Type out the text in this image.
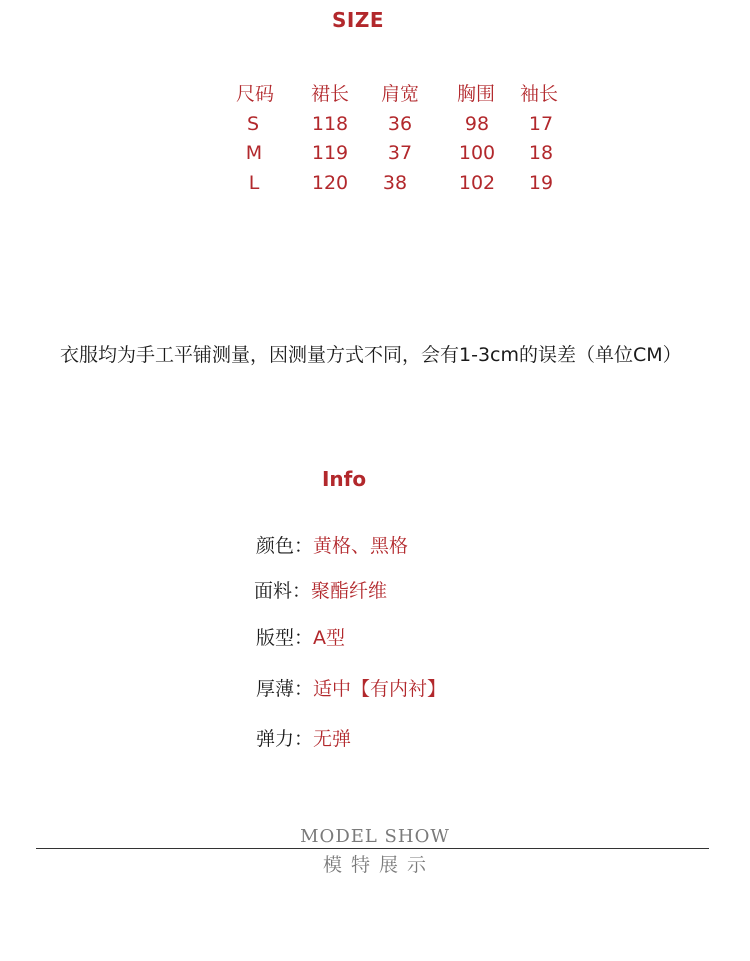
SIZE
尺码 裙长 肩宽 胸围 袖长
S	118 36	98 17
M	119 37 100 18
L	120 38	102 19
衣服均为手工平铺测量，因测量方式不同，会有1-3cm的误差（单位CM）
Info
颜色：黄格、黑格
面料：聚酯纤维
版型：A型
厚薄：适中【有内衬】
弹力：无弹
MODEL SHOW
模特展示
